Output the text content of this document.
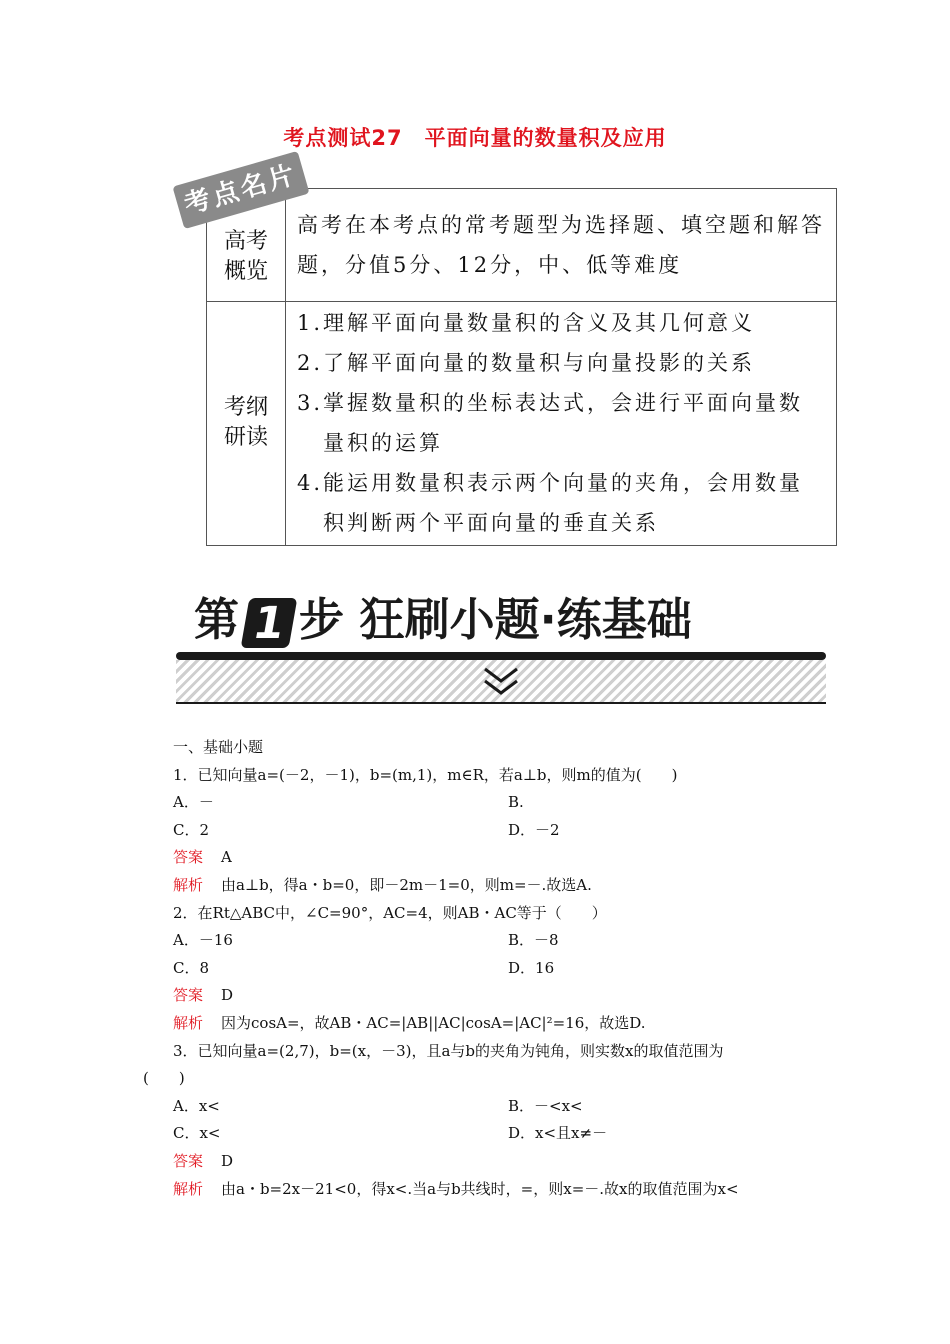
考点测试27　平面向量的数量积及应用
高考
概览
高考在本考点的常考题型为选择题、填空题和解答题，分值5分、12分，中、低等难度
考纲
研读
1.理解平面向量数量积的含义及其几何意义
2.了解平面向量的数量积与向量投影的关系
3.掌握数量积的坐标表达式，会进行平面向量数
量积的运算
4.能运用数量积表示两个向量的夹角，会用数量
积判断两个平面向量的垂直关系
考点名片
第 1 步 狂刷小题·练基础
一、基础小题
1．已知向量a=(－2，－1)，b=(m,1)，m∈R，若a⊥b，则m的值为(　　)
A．－	B.
C．2	D．－2
答案 A
解析 由a⊥b，得a・b=0，即－2m－1=0，则m=－.故选A.
2．在Rt△ABC中，∠C=90°，AC=4，则AB・AC等于（　　）
A．－16	B．－8
C．8	D．16
答案 D
解析 因为cosA=，故AB・AC=|AB||AC|cosA=|AC|²=16，故选D.
3．已知向量a=(2,7)，b=(x，－3)，且a与b的夹角为钝角，则实数x的取值范围为
(　　)
A．x<	B．－<x<
C．x<	D．x<且x≠－
答案 D
解析 由a・b=2x－21<0，得x<.当a与b共线时，=，则x=－.故x的取值范围为x<
